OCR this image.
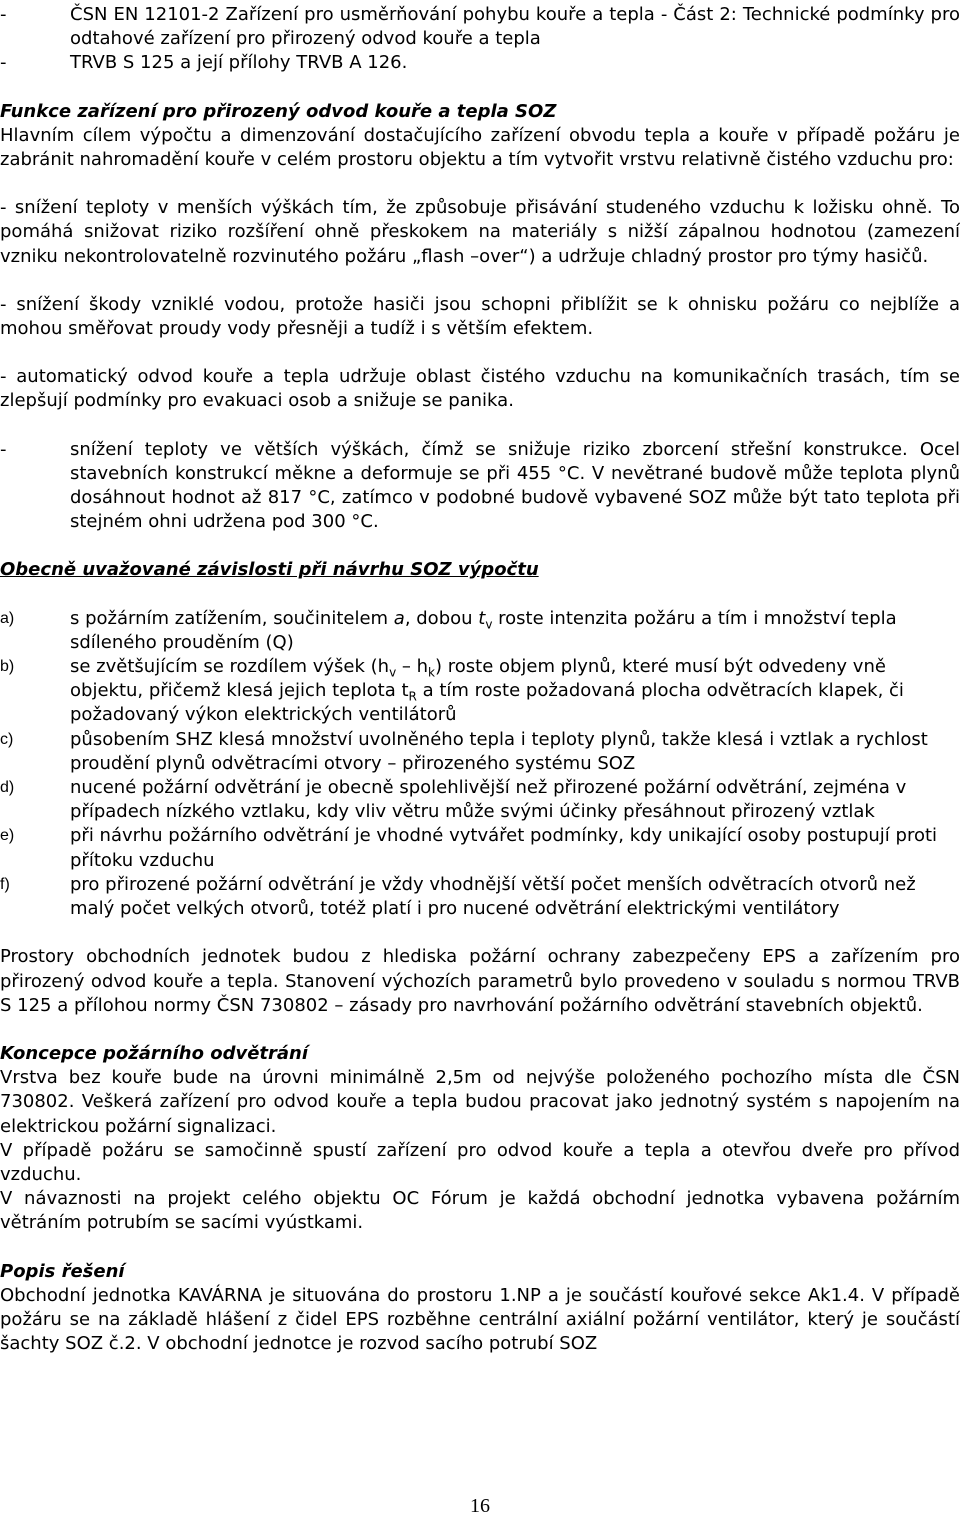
-	ČSN EN 12101-2 Zařízení pro usměrňování pohybu kouře a tepla - Část 2: Technické podmínky pro odtahové zařízení pro přirozený odvod kouře a tepla

-	TRVB S 125 a její přílohy TRVB A 126.

Funkce zařízení pro přirozený odvod kouře a tepla SOZ

Hlavním cílem výpočtu a dimenzování dostačujícího zařízení obvodu tepla a kouře v případě požáru je zabránit nahromadění kouře v celém prostoru objektu a tím vytvořit vrstvu relativně čistého vzduchu pro:

- snížení teploty v menších výškách tím, že způsobuje přisávání studeného vzduchu k ložisku ohně. To pomáhá snižovat riziko rozšíření ohně přeskokem na materiály s nižší zápalnou hodnotou (zamezení vzniku nekontrolovatelně rozvinutého požáru „flash –over“) a udržuje chladný prostor pro týmy hasičů.

- snížení škody vzniklé vodou, protože hasiči jsou schopni přiblížit se k ohnisku požáru co nejblíže a mohou směřovat proudy vody přesněji a tudíž i s větším efektem.

- automatický odvod kouře a tepla udržuje oblast čistého vzduchu na komunikačních trasách, tím se zlepšují podmínky pro evakuaci osob a snižuje se panika.

-	snížení teploty ve větších výškách, čímž se snižuje riziko zborcení střešní konstrukce. Ocel stavebních konstrukcí měkne a deformuje se při 455 °C. V nevětrané budově může teplota plynů dosáhnout hodnot až 817 °C, zatímco v podobné budově vybavené SOZ může být tato teplota při stejném ohni udržena pod 300 °C.

Obecně uvažované závislosti při návrhu SOZ výpočtu

a)	s požárním zatížením, součinitelem a, dobou $t_v$ roste intenzita požáru a tím i množství tepla sdíleného prouděním (Q)

b)	se zvětšujícím se rozdílem výšek $(h_v - h_k)$ roste objem plynů, které musí být odvedeny vně objektu, přičemž klesá jejich teplota $t_R$ a tím roste požadovaná plocha odvětracích klapek, či požadovaný výkon elektrických ventilátorů

c)	působením SHZ klesá množství uvolněného tepla i teploty plynů, takže klesá i vztlak a rychlost proudění plynů odvětracími otvory – přirozeného systému SOZ

d)	nucené požární odvětrání je obecně spolehlivější než přirozené požární odvětrání, zejména v případech nízkého vztlaku, kdy vliv větru může svými účinky přesáhnout přirozený vztlak

e)	při návrhu požárního odvětrání je vhodné vytvářet podmínky, kdy unikající osoby postupují proti přítoku vzduchu

f)	pro přirozené požární odvětrání je vždy vhodnější větší počet menších odvětracích otvorů než malý počet velkých otvorů, totéž platí i pro nucené odvětrání elektrickými ventilátory

Prostory obchodních jednotek budou z hlediska požární ochrany zabezpečeny EPS a zařízením pro přirozený odvod kouře a tepla. Stanovení výchozích parametrů bylo provedeno v souladu s normou TRVB S 125 a přílohou normy ČSN 730802 – zásady pro navrhování požárního odvětrání stavebních objektů.

Koncepce požárního odvětrání

Vrstva bez kouře bude na úrovni minimálně 2,5m od nejvýše položeného pochozího místa dle ČSN 730802. Veškerá zařízení pro odvod kouře a tepla budou pracovat jako jednotný systém s napojením na elektrickou požární signalizaci.

V případě požáru se samočinně spustí zařízení pro odvod kouře a tepla a otevřou dveře pro přívod vzduchu.

V návaznosti na projekt celého objektu OC Fórum je každá obchodní jednotka vybavena požárním větráním potrubím se sacími vyústkami.

Popis řešení

Obchodní jednotka KAVÁRNA je situována do prostoru 1.NP a je součástí kouřové sekce Ak1.4. V případě požáru se na základě hlášení z čidel EPS rozběhne centrální axiální požární ventilátor, který je součástí šachty SOZ č.2. V obchodní jednotce je rozvod sacího potrubí SOZ

16
